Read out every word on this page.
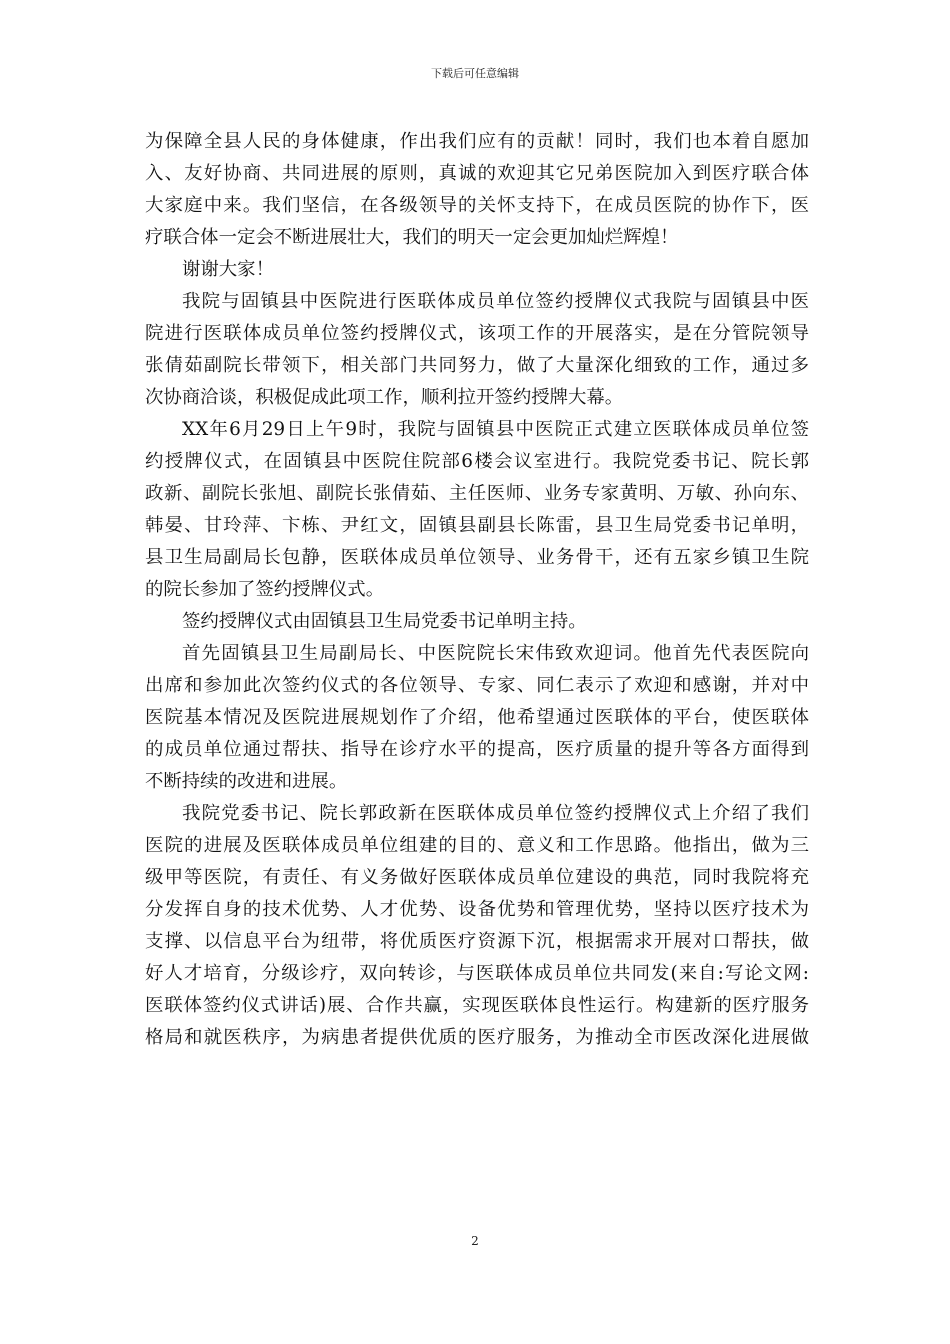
下载后可任意编辑
为保障全县人民的身体健康，作出我们应有的贡献！同时，我们也本着自愿加
入、友好协商、共同进展的原则，真诚的欢迎其它兄弟医院加入到医疗联合体
大家庭中来。我们坚信，在各级领导的关怀支持下，在成员医院的协作下，医
疗联合体一定会不断进展壮大，我们的明天一定会更加灿烂辉煌！
谢谢大家！
我院与固镇县中医院进行医联体成员单位签约授牌仪式我院与固镇县中医
院进行医联体成员单位签约授牌仪式，该项工作的开展落实，是在分管院领导
张倩茹副院长带领下，相关部门共同努力，做了大量深化细致的工作，通过多
次协商洽谈，积极促成此项工作，顺利拉开签约授牌大幕。
XX年6月29日上午9时，我院与固镇县中医院正式建立医联体成员单位签
约授牌仪式，在固镇县中医院住院部6楼会议室进行。我院党委书记、院长郭
政新、副院长张旭、副院长张倩茹、主任医师、业务专家黄明、万敏、孙向东、
韩晏、甘玲萍、卞栋、尹红文，固镇县副县长陈雷，县卫生局党委书记单明，
县卫生局副局长包静，医联体成员单位领导、业务骨干，还有五家乡镇卫生院
的院长参加了签约授牌仪式。
签约授牌仪式由固镇县卫生局党委书记单明主持。
首先固镇县卫生局副局长、中医院院长宋伟致欢迎词。他首先代表医院向
出席和参加此次签约仪式的各位领导、专家、同仁表示了欢迎和感谢，并对中
医院基本情况及医院进展规划作了介绍，他希望通过医联体的平台，使医联体
的成员单位通过帮扶、指导在诊疗水平的提高，医疗质量的提升等各方面得到
不断持续的改进和进展。
我院党委书记、院长郭政新在医联体成员单位签约授牌仪式上介绍了我们
医院的进展及医联体成员单位组建的目的、意义和工作思路。他指出，做为三
级甲等医院，有责任、有义务做好医联体成员单位建设的典范，同时我院将充
分发挥自身的技术优势、人才优势、设备优势和管理优势，坚持以医疗技术为
支撑、以信息平台为纽带，将优质医疗资源下沉，根据需求开展对口帮扶，做
好人才培育，分级诊疗，双向转诊，与医联体成员单位共同发(来自:写论文网:
医联体签约仪式讲话)展、合作共赢，实现医联体良性运行。构建新的医疗服务
格局和就医秩序，为病患者提供优质的医疗服务，为推动全市医改深化进展做
2
